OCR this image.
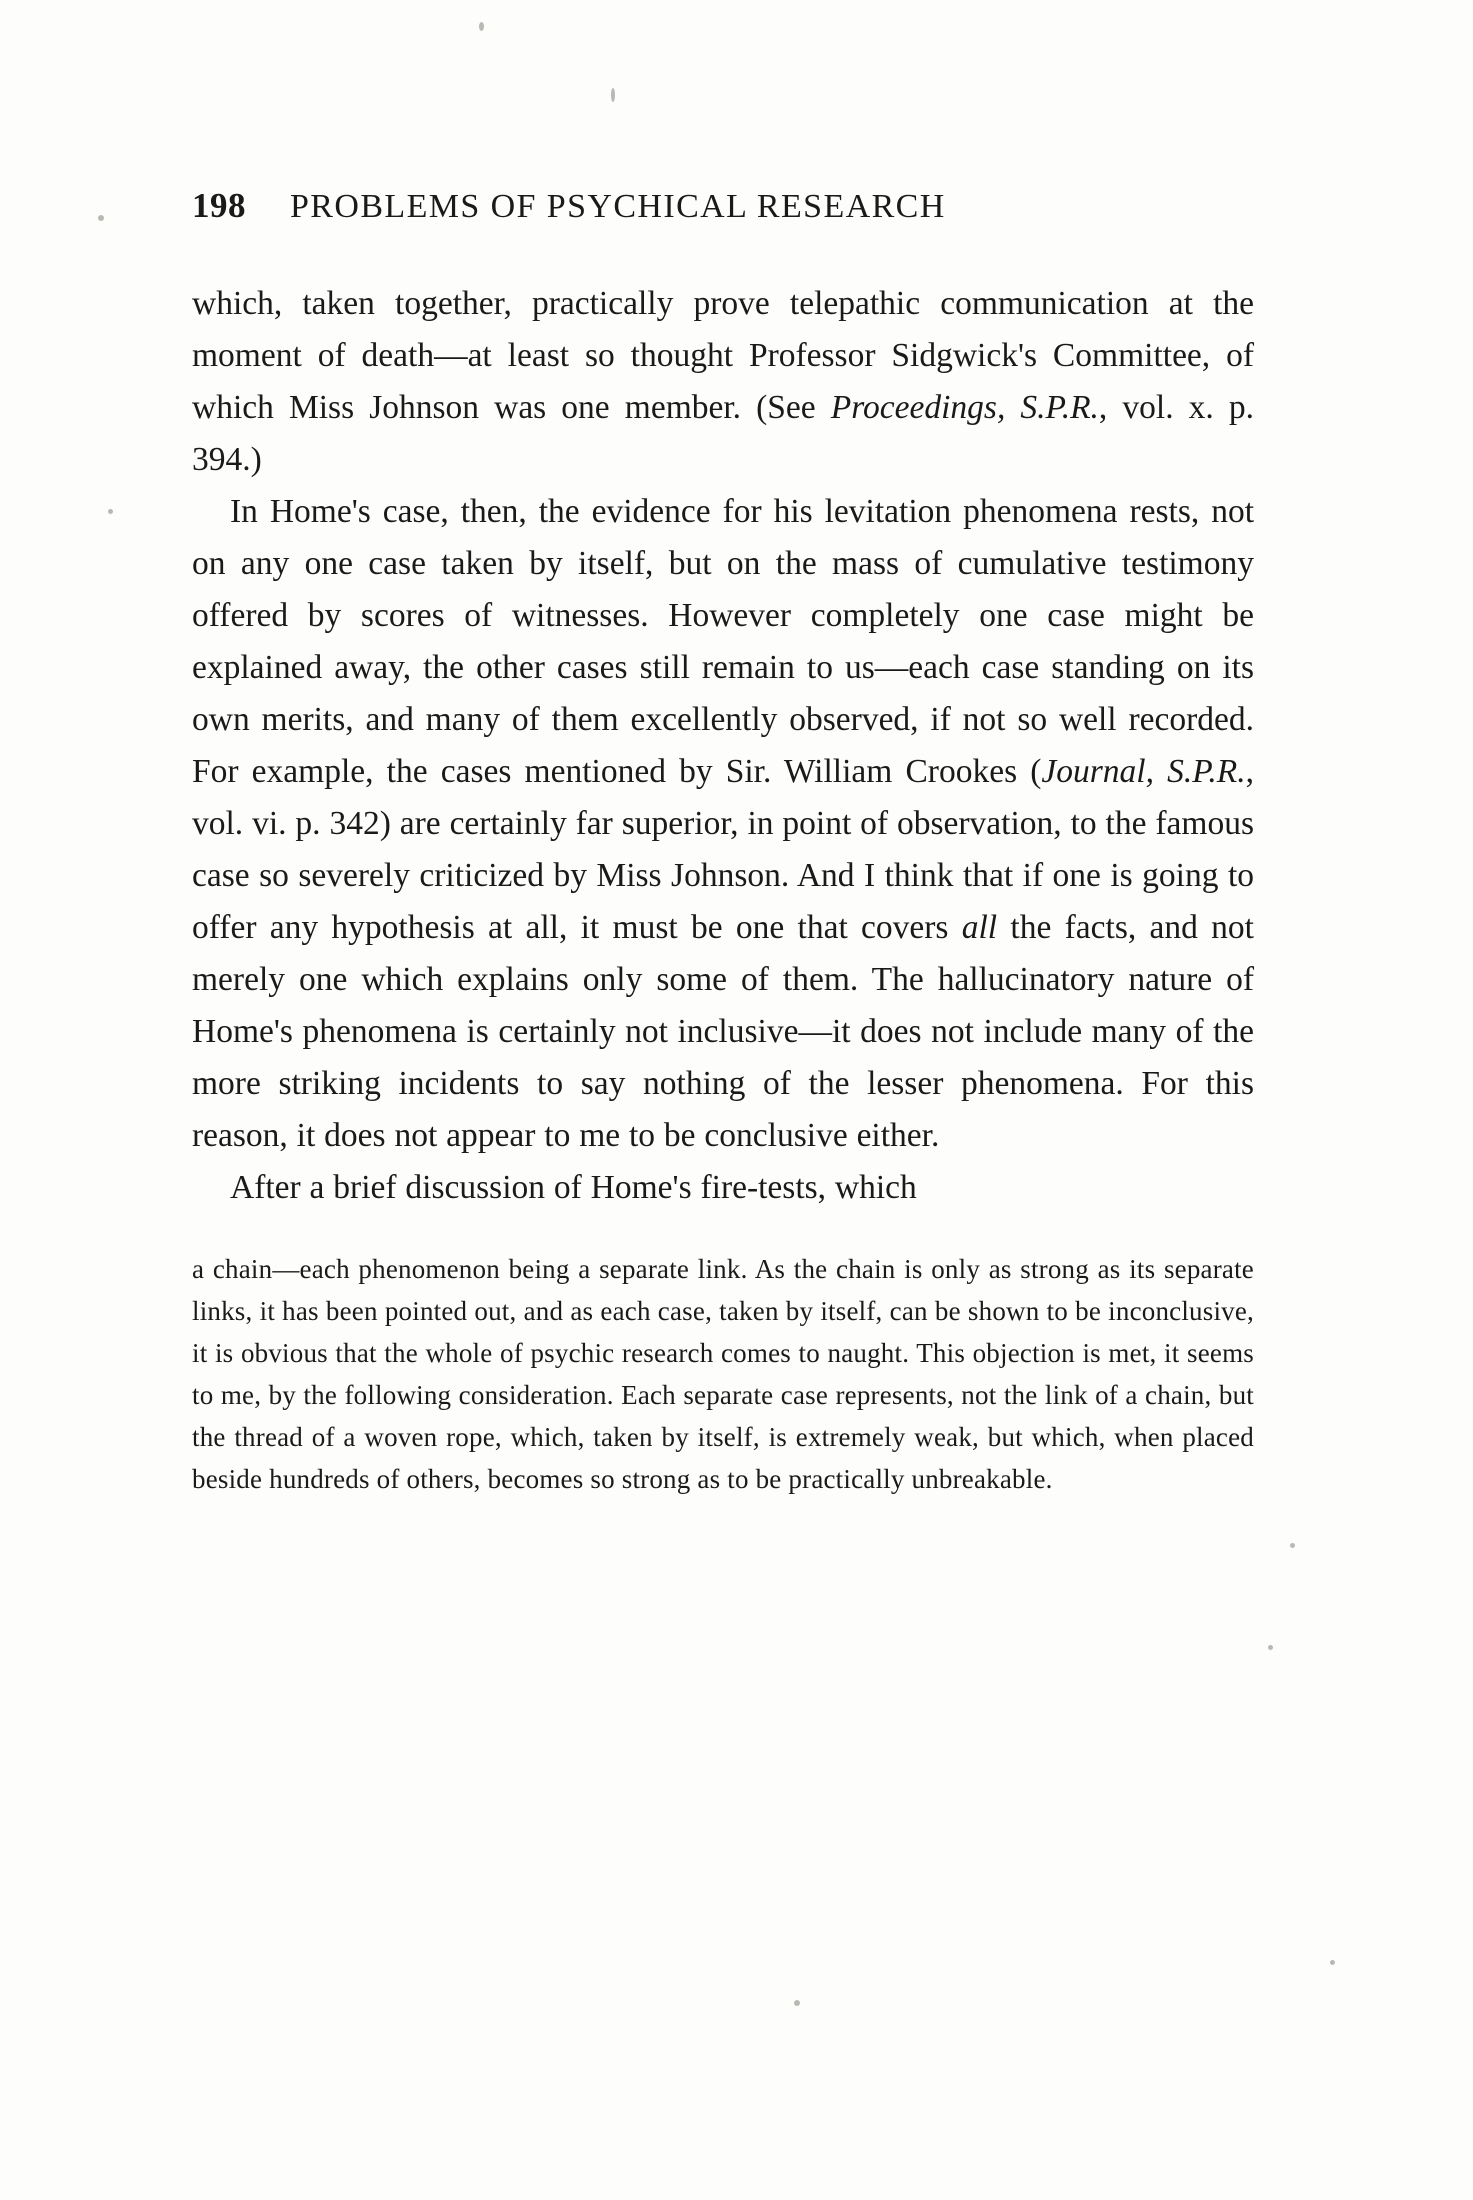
198 PROBLEMS OF PSYCHICAL RESEARCH

which, taken together, practically prove telepathic communication at the moment of death—at least so thought Professor Sidgwick's Committee, of which Miss Johnson was one member. (See Proceedings, S.P.R., vol. x. p. 394.)

In Home's case, then, the evidence for his levitation phenomena rests, not on any one case taken by itself, but on the mass of cumulative testimony offered by scores of witnesses. However completely one case might be explained away, the other cases still remain to us—each case standing on its own merits, and many of them excellently observed, if not so well recorded. For example, the cases mentioned by Sir. William Crookes (Journal, S.P.R., vol. vi. p. 342) are certainly far superior, in point of observation, to the famous case so severely criticized by Miss Johnson. And I think that if one is going to offer any hypothesis at all, it must be one that covers all the facts, and not merely one which explains only some of them. The hallucinatory nature of Home's phenomena is certainly not inclusive—it does not include many of the more striking incidents to say nothing of the lesser phenomena. For this reason, it does not appear to me to be conclusive either.

After a brief discussion of Home's fire-tests, which

a chain—each phenomenon being a separate link. As the chain is only as strong as its separate links, it has been pointed out, and as each case, taken by itself, can be shown to be inconclusive, it is obvious that the whole of psychic research comes to naught. This objection is met, it seems to me, by the following consideration. Each separate case represents, not the link of a chain, but the thread of a woven rope, which, taken by itself, is extremely weak, but which, when placed beside hundreds of others, becomes so strong as to be practically unbreakable.
